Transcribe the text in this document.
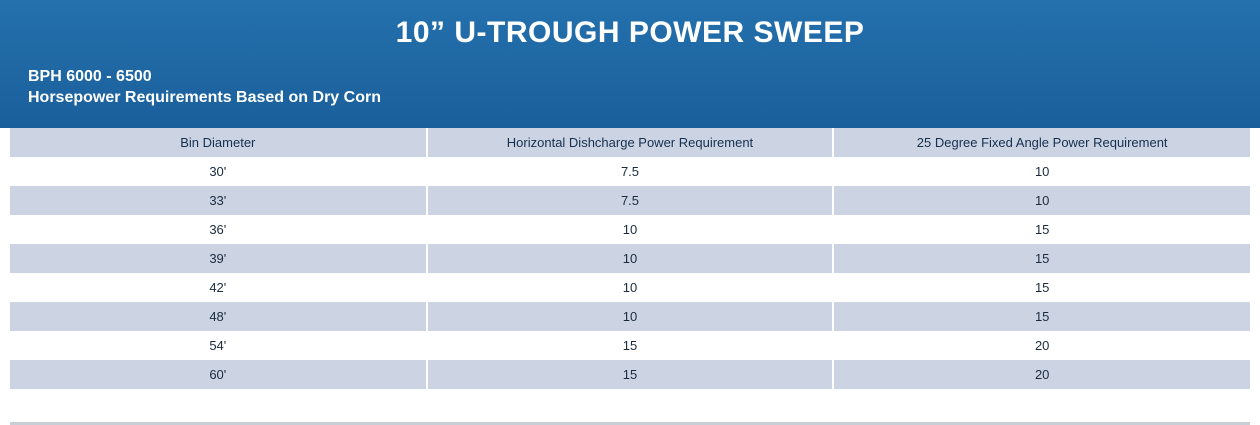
10” U-TROUGH POWER SWEEP
BPH 6000 - 6500
Horsepower Requirements Based on Dry Corn
Bin Diameter	Horizontal Dishcharge Power Requirement	25 Degree Fixed Angle Power Requirement
30'	7.5	10
33'	7.5	10
36'	10	15
39'	10	15
42'	10	15
48'	10	15
54'	15	20
60'	15	20
